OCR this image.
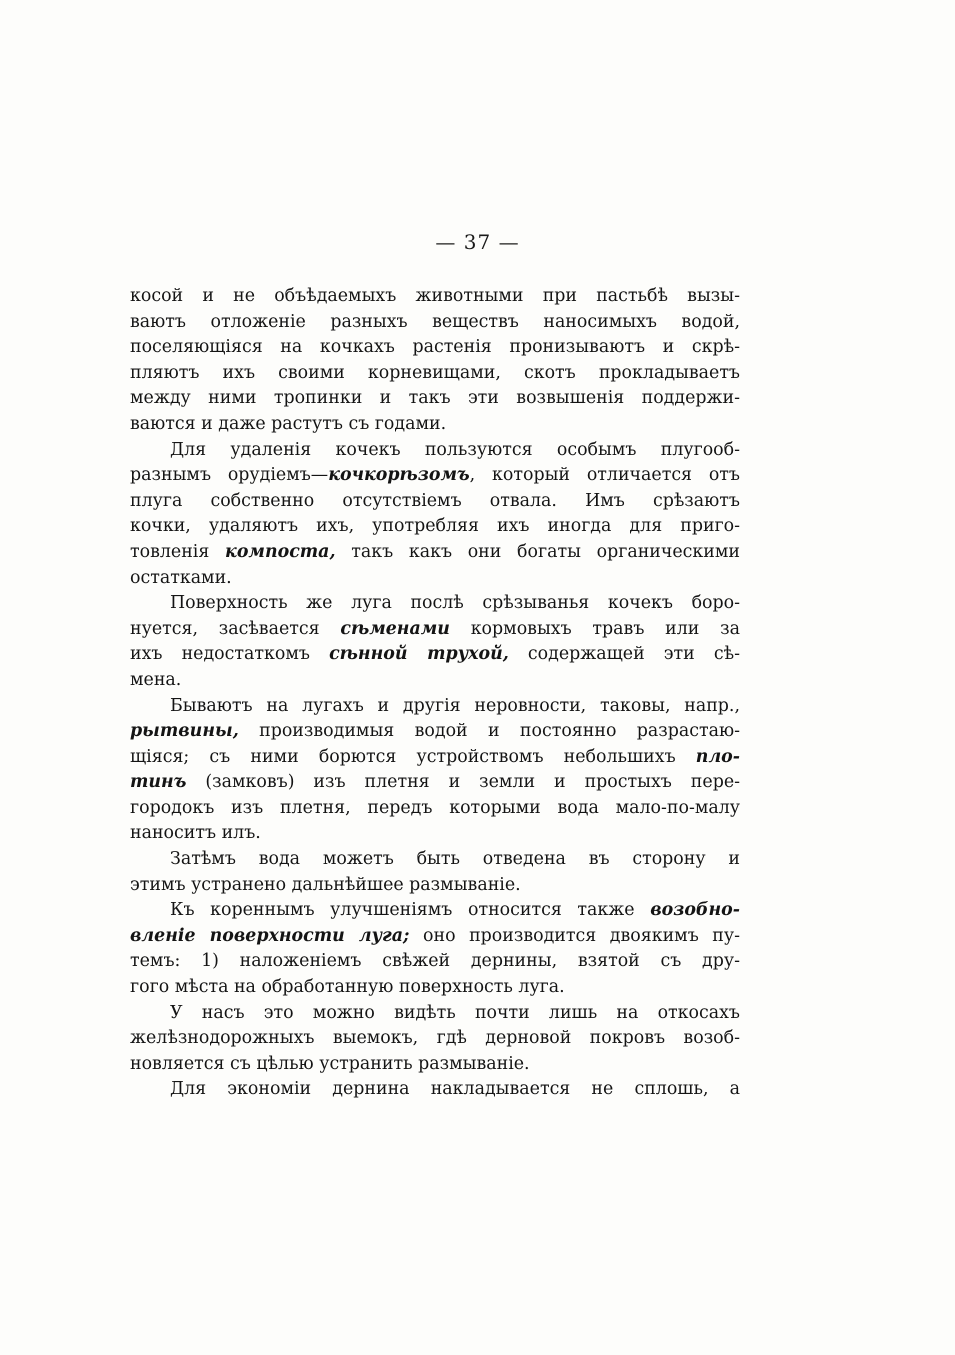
— 37 —
косой и не объѣдаемыхъ животными при пастьбѣ вызы-
ваютъ отложеніе разныхъ веществъ наносимыхъ водой,
поселяющіяся на кочкахъ растенія пронизываютъ и скрѣ-
пляютъ ихъ своими корневищами, скотъ прокладываетъ
между ними тропинки и такъ эти возвышенія поддержи-
ваются и даже растутъ съ годами.
Для удаленія кочекъ пользуются особымъ плугооб-
разнымъ орудіемъ—кочкорѣзомъ, который отличается отъ
плуга собственно отсутствіемъ отвала. Имъ срѣзаютъ
кочки, удаляютъ ихъ, употребляя ихъ иногда для приго-
товленія компоста, такъ какъ они богаты органическими
остатками.
Поверхность же луга послѣ срѣзыванья кочекъ боро-
нуется, засѣвается сѣменами кормовыхъ травъ или за
ихъ недостаткомъ сѣнной трухой, содержащей эти сѣ-
мена.
Бываютъ на лугахъ и другія неровности, таковы, напр.,
рытвины, производимыя водой и постоянно разрастаю-
щіяся; съ ними борются устройствомъ небольшихъ пло-
тинъ (замковъ) изъ плетня и земли и простыхъ пере-
городокъ изъ плетня, передъ которыми вода мало-по-малу
наноситъ илъ.
Затѣмъ вода можетъ быть отведена въ сторону и
этимъ устранено дальнѣйшее размываніе.
Къ кореннымъ улучшеніямъ относится также возобно-
вленіе поверхности луга; оно производится двоякимъ пу-
темъ: 1) наложеніемъ свѣжей дернины, взятой съ дру-
гого мѣста на обработанную поверхность луга.
У насъ это можно видѣть почти лишь на откосахъ
желѣзнодорожныхъ выемокъ, гдѣ дерновой покровъ возоб-
новляется съ цѣлью устранить размываніе.
Для экономіи дернина накладывается не сплошь, а
